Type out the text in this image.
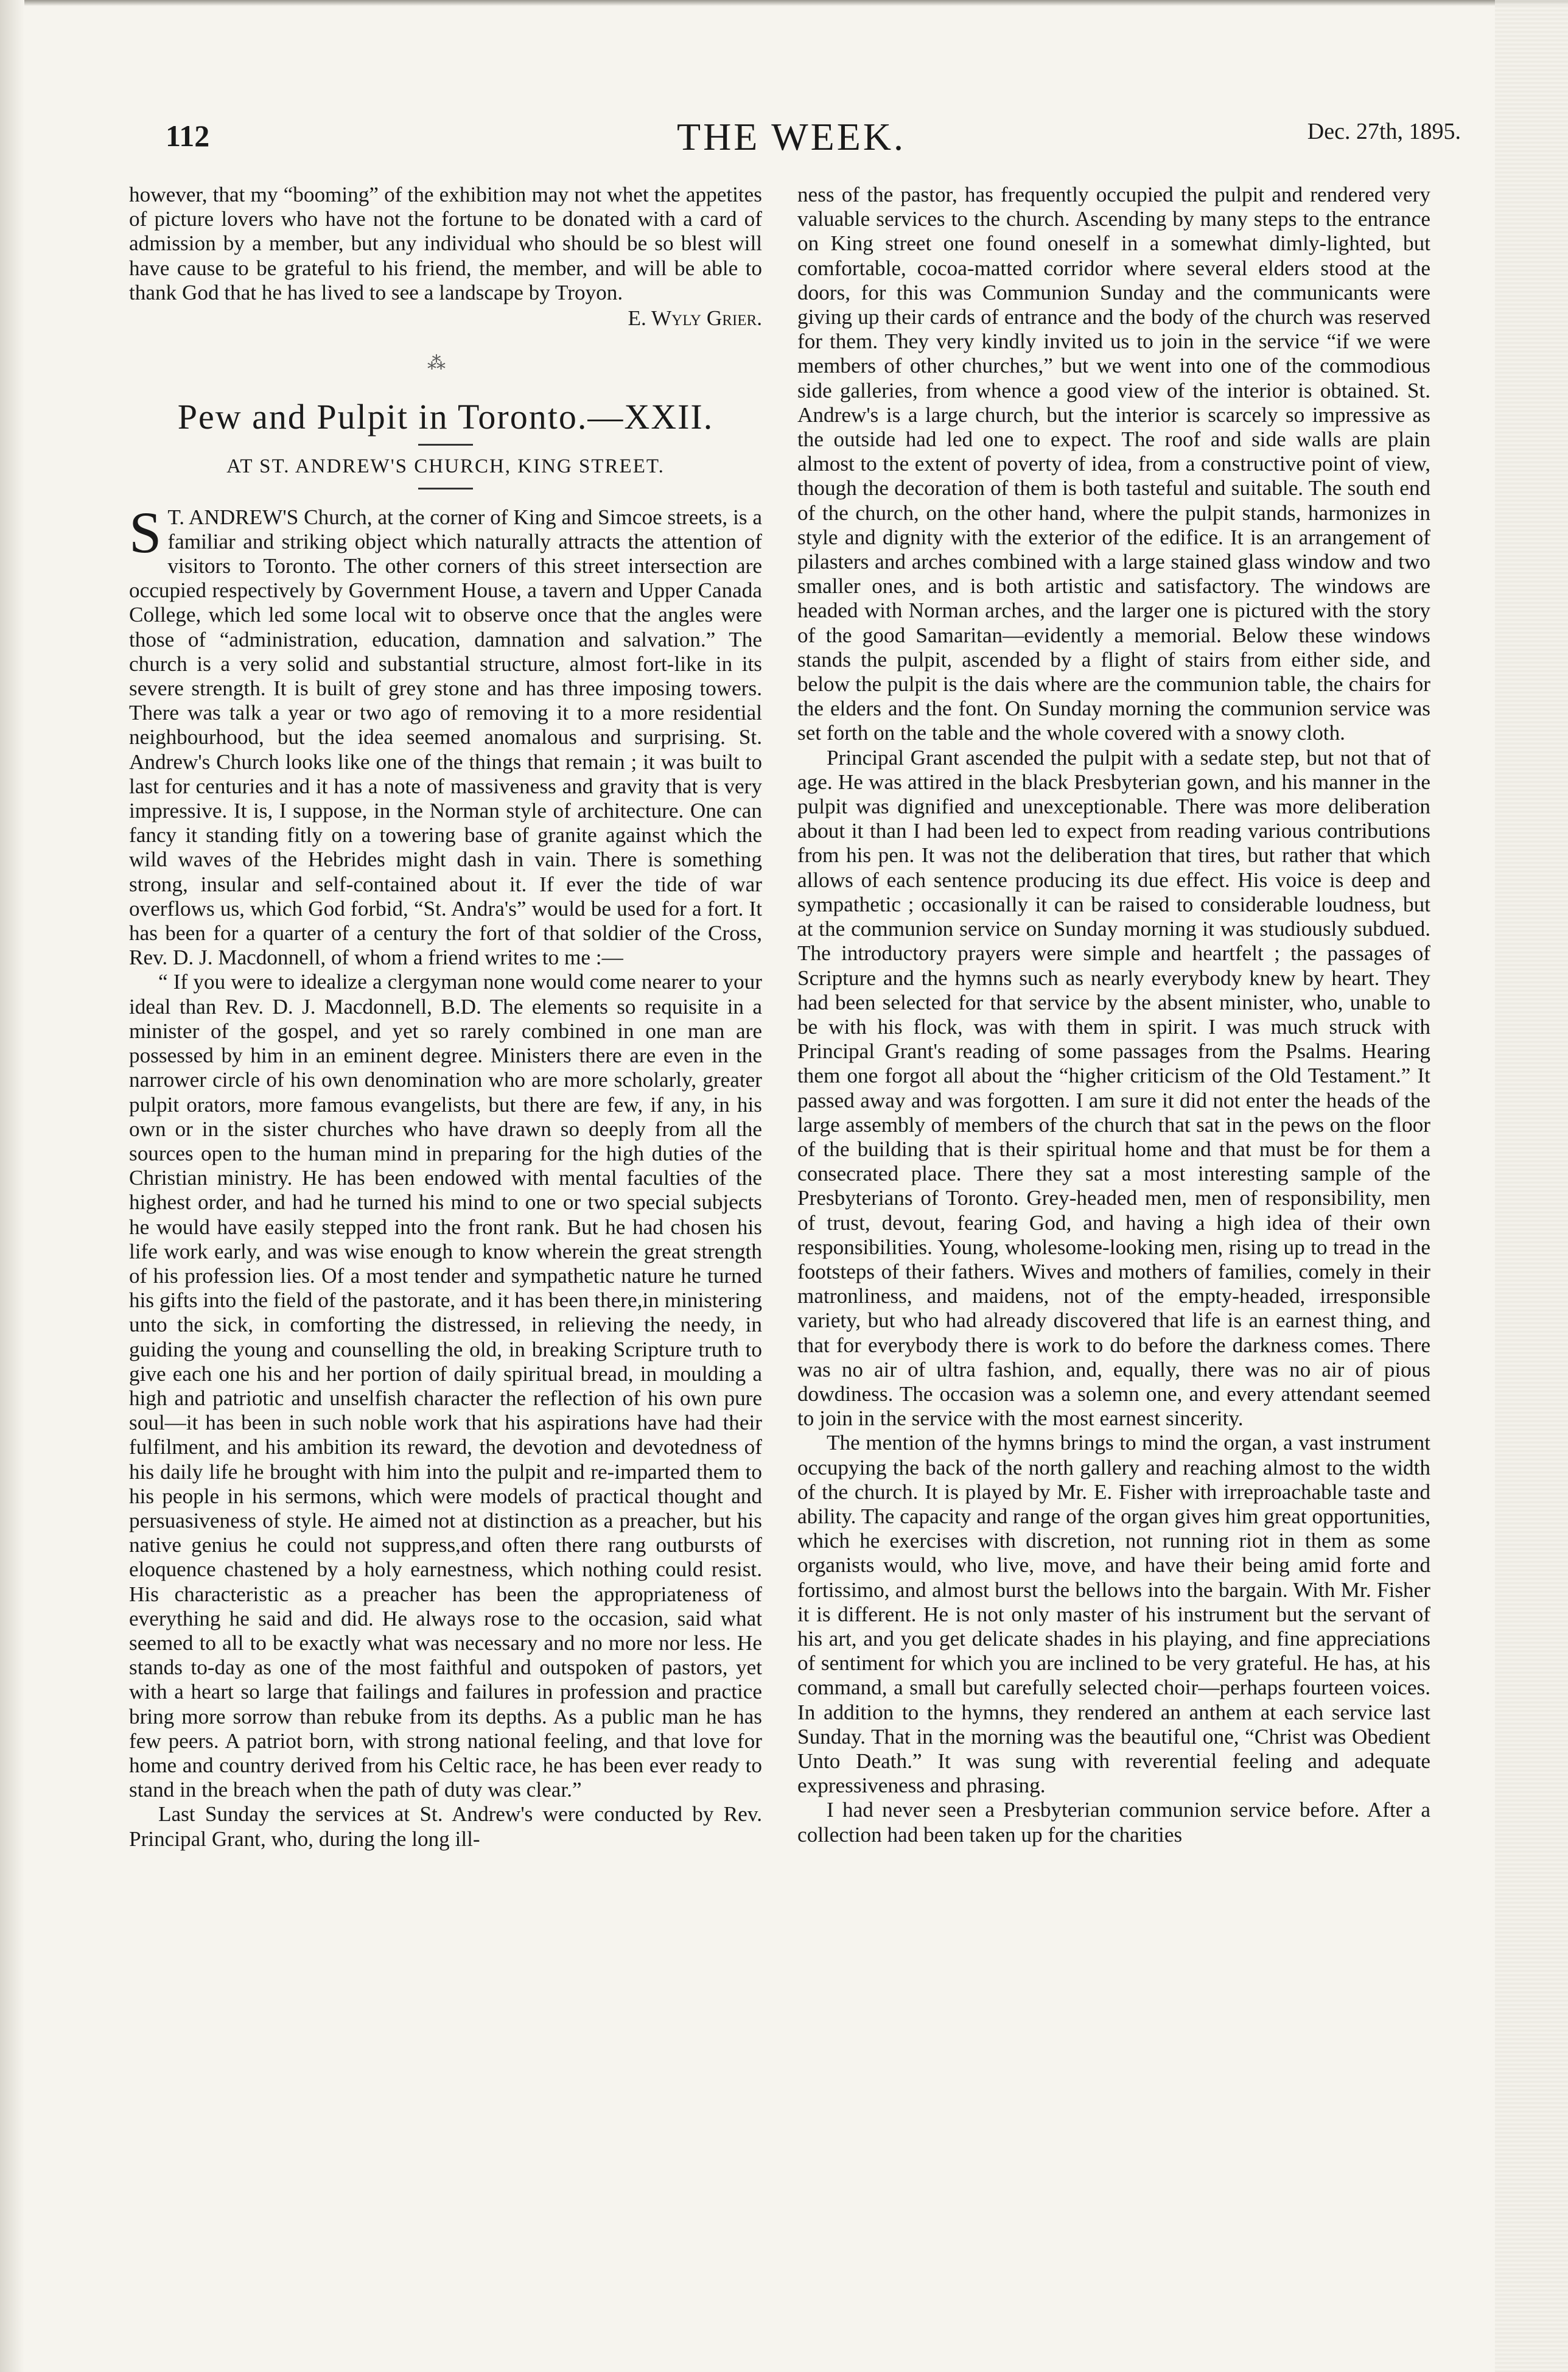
112	THE WEEK.	Dec. 27th, 1895.

however, that my “booming” of the exhibition may not whet the appetites of picture lovers who have not the fortune to be donated with a card of admission by a member, but any individual who should be so blest will have cause to be grateful to his friend, the member, and will be able to thank God that he has lived to see a landscape by Troyon.

E. Wyly Grier.

⁂
Pew and Pulpit in Toronto.—XXII.
AT ST. ANDREW'S CHURCH, KING STREET.

S T. ANDREW'S Church, at the corner of King and Simcoe streets, is a familiar and striking object which naturally attracts the attention of visitors to Toronto. The other corners of this street intersection are occupied respectively by Government House, a tavern and Upper Canada College, which led some local wit to observe once that the angles were those of “administration, education, damnation and salvation.” The church is a very solid and substantial structure, almost fort-like in its severe strength. It is built of grey stone and has three imposing towers. There was talk a year or two ago of removing it to a more residential neighbourhood, but the idea seemed anomalous and surprising. St. Andrew's Church looks like one of the things that remain ; it was built to last for centuries and it has a note of massiveness and gravity that is very impressive. It is, I suppose, in the Norman style of architecture. One can fancy it standing fitly on a towering base of granite against which the wild waves of the Hebrides might dash in vain. There is something strong, insular and self-contained about it. If ever the tide of war overflows us, which God forbid, “St. Andra's” would be used for a fort. It has been for a quarter of a century the fort of that soldier of the Cross, Rev. D. J. Macdonnell, of whom a friend writes to me :—

“ If you were to idealize a clergyman none would come nearer to your ideal than Rev. D. J. Macdonnell, B.D. The elements so requisite in a minister of the gospel, and yet so rarely combined in one man are possessed by him in an eminent degree. Ministers there are even in the narrower circle of his own denomination who are more scholarly, greater pulpit orators, more famous evangelists, but there are few, if any, in his own or in the sister churches who have drawn so deeply from all the sources open to the human mind in preparing for the high duties of the Christian ministry. He has been endowed with mental faculties of the highest order, and had he turned his mind to one or two special subjects he would have easily stepped into the front rank. But he had chosen his life work early, and was wise enough to know wherein the great strength of his profession lies. Of a most tender and sympathetic nature he turned his gifts into the field of the pastorate, and it has been there,in ministering unto the sick, in comforting the distressed, in relieving the needy, in guiding the young and counselling the old, in breaking Scripture truth to give each one his and her portion of daily spiritual bread, in moulding a high and patriotic and unselfish character the reflection of his own pure soul—it has been in such noble work that his aspirations have had their fulfilment, and his ambition its reward, the devotion and devotedness of his daily life he brought with him into the pulpit and re-imparted them to his people in his sermons, which were models of practical thought and persuasiveness of style. He aimed not at distinction as a preacher, but his native genius he could not suppress,and often there rang outbursts of eloquence chastened by a holy earnestness, which nothing could resist. His characteristic as a preacher has been the appropriateness of everything he said and did. He always rose to the occasion, said what seemed to all to be exactly what was necessary and no more nor less. He stands to-day as one of the most faithful and outspoken of pastors, yet with a heart so large that failings and failures in profession and practice bring more sorrow than rebuke from its depths. As a public man he has few peers. A patriot born, with strong national feeling, and that love for home and country derived from his Celtic race, he has been ever ready to stand in the breach when the path of duty was clear.”

Last Sunday the services at St. Andrew's were conducted by Rev. Principal Grant, who, during the long ill-

ness of the pastor, has frequently occupied the pulpit and rendered very valuable services to the church. Ascending by many steps to the entrance on King street one found oneself in a somewhat dimly-lighted, but comfortable, cocoa-matted corridor where several elders stood at the doors, for this was Communion Sunday and the communicants were giving up their cards of entrance and the body of the church was reserved for them. They very kindly invited us to join in the service “if we were members of other churches,” but we went into one of the commodious side galleries, from whence a good view of the interior is obtained. St. Andrew's is a large church, but the interior is scarcely so impressive as the outside had led one to expect. The roof and side walls are plain almost to the extent of poverty of idea, from a constructive point of view, though the decoration of them is both tasteful and suitable. The south end of the church, on the other hand, where the pulpit stands, harmonizes in style and dignity with the exterior of the edifice. It is an arrangement of pilasters and arches combined with a large stained glass window and two smaller ones, and is both artistic and satisfactory. The windows are headed with Norman arches, and the larger one is pictured with the story of the good Samaritan—evidently a memorial. Below these windows stands the pulpit, ascended by a flight of stairs from either side, and below the pulpit is the dais where are the communion table, the chairs for the elders and the font. On Sunday morning the communion service was set forth on the table and the whole covered with a snowy cloth.

Principal Grant ascended the pulpit with a sedate step, but not that of age. He was attired in the black Presbyterian gown, and his manner in the pulpit was dignified and unexceptionable. There was more deliberation about it than I had been led to expect from reading various contributions from his pen. It was not the deliberation that tires, but rather that which allows of each sentence producing its due effect. His voice is deep and sympathetic ; occasionally it can be raised to considerable loudness, but at the communion service on Sunday morning it was studiously subdued. The introductory prayers were simple and heartfelt ; the passages of Scripture and the hymns such as nearly everybody knew by heart. They had been selected for that service by the absent minister, who, unable to be with his flock, was with them in spirit. I was much struck with Principal Grant's reading of some passages from the Psalms. Hearing them one forgot all about the “higher criticism of the Old Testament.” It passed away and was forgotten. I am sure it did not enter the heads of the large assembly of members of the church that sat in the pews on the floor of the building that is their spiritual home and that must be for them a consecrated place. There they sat a most interesting sample of the Presbyterians of Toronto. Grey-headed men, men of responsibility, men of trust, devout, fearing God, and having a high idea of their own responsibilities. Young, wholesome-looking men, rising up to tread in the footsteps of their fathers. Wives and mothers of families, comely in their matronliness, and maidens, not of the empty-headed, irresponsible variety, but who had already discovered that life is an earnest thing, and that for everybody there is work to do before the darkness comes. There was no air of ultra fashion, and, equally, there was no air of pious dowdiness. The occasion was a solemn one, and every attendant seemed to join in the service with the most earnest sincerity.

The mention of the hymns brings to mind the organ, a vast instrument occupying the back of the north gallery and reaching almost to the width of the church. It is played by Mr. E. Fisher with irreproachable taste and ability. The capacity and range of the organ gives him great opportunities, which he exercises with discretion, not running riot in them as some organists would, who live, move, and have their being amid forte and fortissimo, and almost burst the bellows into the bargain. With Mr. Fisher it is different. He is not only master of his instrument but the servant of his art, and you get delicate shades in his playing, and fine appreciations of sentiment for which you are inclined to be very grateful. He has, at his command, a small but carefully selected choir—perhaps fourteen voices. In addition to the hymns, they rendered an anthem at each service last Sunday. That in the morning was the beautiful one, “Christ was Obedient Unto Death.” It was sung with reverential feeling and adequate expressiveness and phrasing.

I had never seen a Presbyterian communion service before. After a collection had been taken up for the charities
